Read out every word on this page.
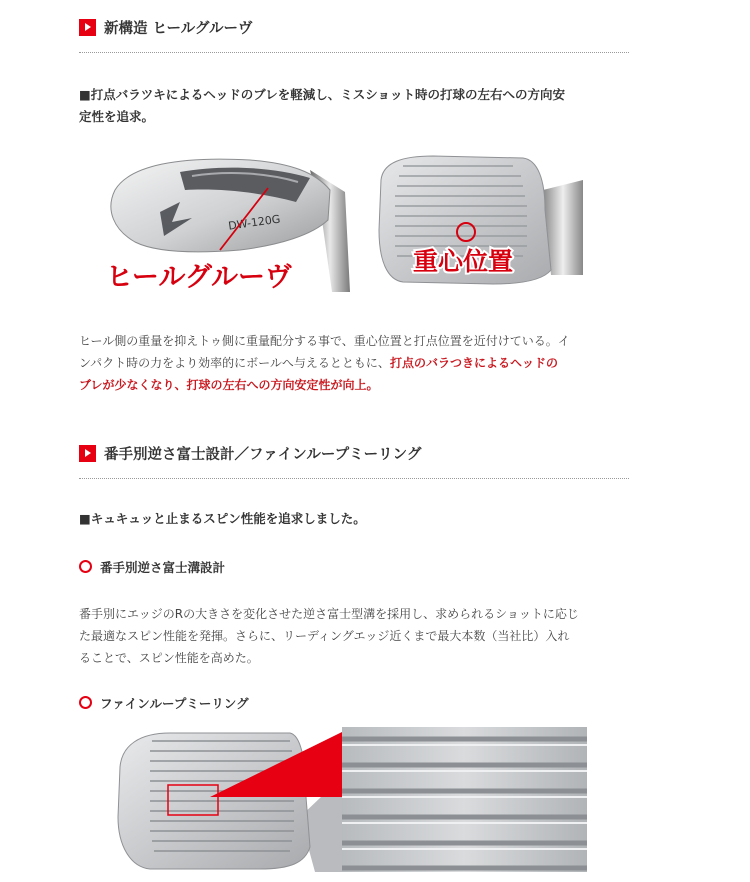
新構造 ヒールグルーヴ
■打点バラツキによるヘッドのブレを軽減し、ミスショット時の打球の左右への方向安
定性を追求。
DW-120G
ヒールグルーヴ
重心位置
ヒール側の重量を抑えトゥ側に重量配分する事で、重心位置と打点位置を近付けている。イ
ンパクト時の力をより効率的にボールへ与えるとともに、打点のバラつきによるヘッドの
ブレが少なくなり、打球の左右への方向安定性が向上。
番手別逆さ富士設計／ファインループミーリング
■キュキュッと止まるスピン性能を追求しました。
番手別逆さ富士溝設計
番手別にエッジのRの大きさを変化させた逆さ富士型溝を採用し、求められるショットに応じ
た最適なスピン性能を発揮。さらに、リーディングエッジ近くまで最大本数（当社比）入れ
ることで、スピン性能を高めた。
ファインループミーリング
